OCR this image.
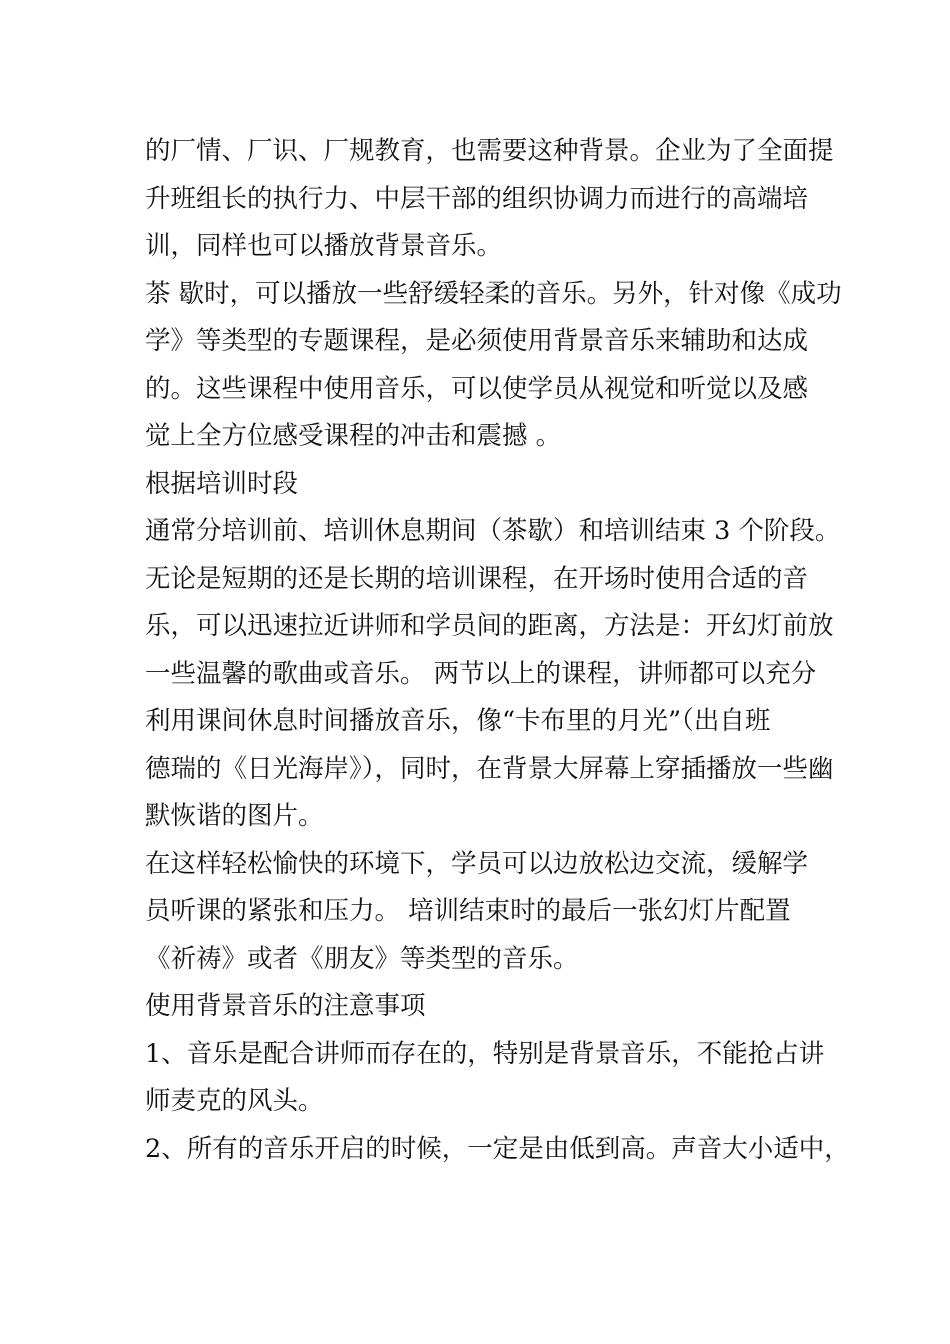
的厂情、厂识、厂规教育，也需要这种背景。企业为了全面提
升班组长的执行力、中层干部的组织协调力而进行的高端培
训，同样也可以播放背景音乐。
茶 歇时，可以播放一些舒缓轻柔的音乐。另外，针对像《成功
学》等类型的专题课程，是必须使用背景音乐来辅助和达成
的。这些课程中使用音乐，可以使学员从视觉和听觉以及感
觉上全方位感受课程的冲击和震撼 。
根据培训时段
通常分培训前、培训休息期间（茶歇）和培训结束 3 个阶段。
无论是短期的还是长期的培训课程，在开场时使用合适的音
乐，可以迅速拉近讲师和学员间的距离，方法是：开幻灯前放
一些温馨的歌曲或音乐。 两节以上的课程，讲师都可以充分
利用课间休息时间播放音乐，像“卡布里的月光”（出自班
德瑞的《日光海岸》），同时，在背景大屏幕上穿插播放一些幽
默恢谐的图片。
在这样轻松愉快的环境下，学员可以边放松边交流，缓解学
员听课的紧张和压力。 培训结束时的最后一张幻灯片配置
《祈祷》或者《朋友》等类型的音乐。
使用背景音乐的注意事项
1、音乐是配合讲师而存在的，特别是背景音乐，不能抢占讲
师麦克的风头。
2、所有的音乐开启的时候，一定是由低到高。声音大小适中，
